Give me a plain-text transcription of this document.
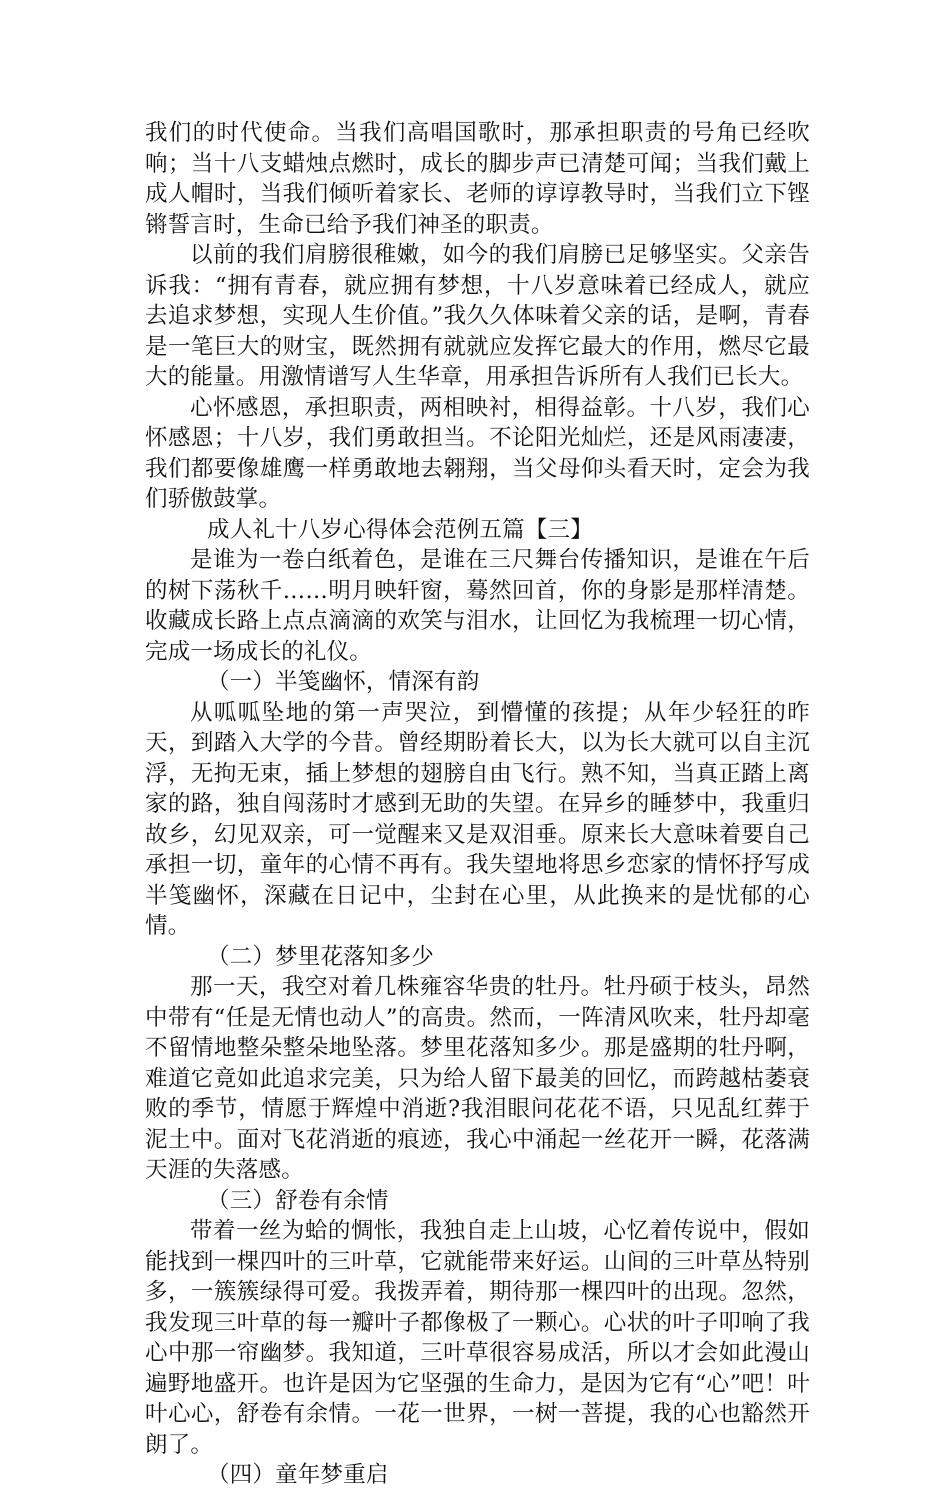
我们的时代使命。当我们高唱国歌时，那承担职责的号角已经吹响；当十八支蜡烛点燃时，成长的脚步声已清楚可闻；当我们戴上成人帽时，当我们倾听着家长、老师的谆谆教导时，当我们立下铿锵誓言时，生命已给予我们神圣的职责。

以前的我们肩膀很稚嫩，如今的我们肩膀已足够坚实。父亲告诉我：“拥有青春，就应拥有梦想，十八岁意味着已经成人，就应去追求梦想，实现人生价值。”我久久体味着父亲的话，是啊，青春是一笔巨大的财宝，既然拥有就就应发挥它最大的作用，燃尽它最大的能量。用激情谱写人生华章，用承担告诉所有人我们已长大。

心怀感恩，承担职责，两相映衬，相得益彰。十八岁，我们心怀感恩；十八岁，我们勇敢担当。不论阳光灿烂，还是风雨凄凄，我们都要像雄鹰一样勇敢地去翱翔，当父母仰头看天时，定会为我们骄傲鼓掌。

成人礼十八岁心得体会范例五篇【三】

是谁为一卷白纸着色，是谁在三尺舞台传播知识，是谁在午后的树下荡秋千……明月映轩窗，蓦然回首，你的身影是那样清楚。收藏成长路上点点滴滴的欢笑与泪水，让回忆为我梳理一切心情，完成一场成长的礼仪。

（一）半笺幽怀，情深有韵

从呱呱坠地的第一声哭泣，到懵懂的孩提；从年少轻狂的昨天，到踏入大学的今昔。曾经期盼着长大，以为长大就可以自主沉浮，无拘无束，插上梦想的翅膀自由飞行。熟不知，当真正踏上离家的路，独自闯荡时才感到无助的失望。在异乡的睡梦中，我重归故乡，幻见双亲，可一觉醒来又是双泪垂。原来长大意味着要自己承担一切，童年的心情不再有。我失望地将思乡恋家的情怀抒写成半笺幽怀，深藏在日记中，尘封在心里，从此换来的是忧郁的心情。

（二）梦里花落知多少

那一天，我空对着几株雍容华贵的牡丹。牡丹硕于枝头，昂然中带有“任是无情也动人”的高贵。然而，一阵清风吹来，牡丹却毫不留情地整朵整朵地坠落。梦里花落知多少。那是盛期的牡丹啊，难道它竟如此追求完美，只为给人留下最美的回忆，而跨越枯萎衰败的季节，情愿于辉煌中消逝?我泪眼问花花不语，只见乱红葬于泥土中。面对飞花消逝的痕迹，我心中涌起一丝花开一瞬，花落满天涯的失落感。

（三）舒卷有余情

带着一丝为蛤的惆怅，我独自走上山坡，心忆着传说中，假如能找到一棵四叶的三叶草，它就能带来好运。山间的三叶草丛特别多，一簇簇绿得可爱。我拨弄着，期待那一棵四叶的出现。忽然，我发现三叶草的每一瓣叶子都像极了一颗心。心状的叶子叩响了我心中那一帘幽梦。我知道，三叶草很容易成活，所以才会如此漫山遍野地盛开。也许是因为它坚强的生命力，是因为它有“心”吧！叶叶心心，舒卷有余情。一花一世界，一树一菩提，我的心也豁然开朗了。

（四）童年梦重启
